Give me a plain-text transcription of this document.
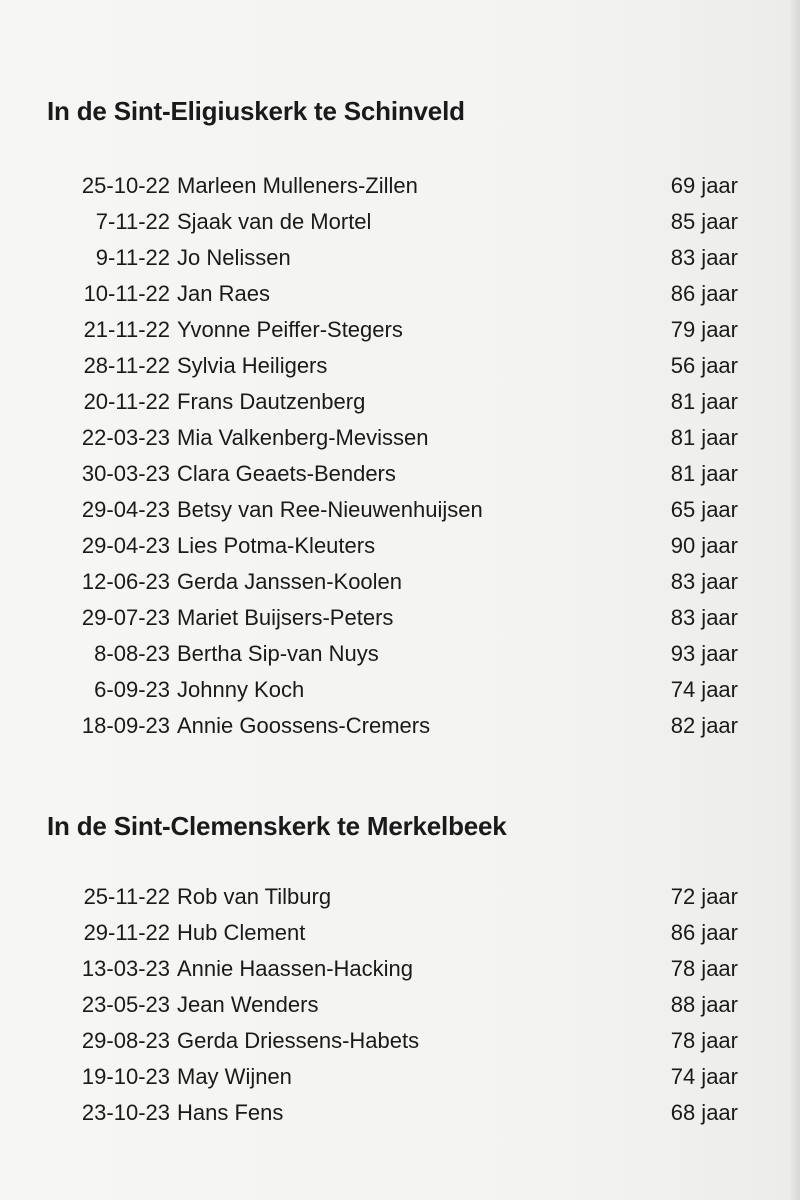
In de Sint-Eligiuskerk te Schinveld
25-10-22 Marleen Mulleners-Zillen	69 jaar
7-11-22 Sjaak van de Mortel	85 jaar
9-11-22 Jo Nelissen	83 jaar
10-11-22 Jan Raes	86 jaar
21-11-22 Yvonne Peiffer-Stegers	79 jaar
28-11-22 Sylvia Heiligers	56 jaar
20-11-22 Frans Dautzenberg	81 jaar
22-03-23 Mia Valkenberg-Mevissen	81 jaar
30-03-23 Clara Geaets-Benders	81 jaar
29-04-23 Betsy van Ree-Nieuwenhuijsen	65 jaar
29-04-23 Lies Potma-Kleuters	90 jaar
12-06-23 Gerda Janssen-Koolen	83 jaar
29-07-23 Mariet Buijsers-Peters	83 jaar
8-08-23 Bertha Sip-van Nuys	93 jaar
6-09-23 Johnny Koch	74 jaar
18-09-23 Annie Goossens-Cremers	82 jaar
In de Sint-Clemenskerk te Merkelbeek
25-11-22 Rob van Tilburg	72 jaar
29-11-22 Hub Clement	86 jaar
13-03-23 Annie Haassen-Hacking	78 jaar
23-05-23 Jean Wenders	88 jaar
29-08-23 Gerda Driessens-Habets	78 jaar
19-10-23 May Wijnen	74 jaar
23-10-23 Hans Fens	68 jaar
